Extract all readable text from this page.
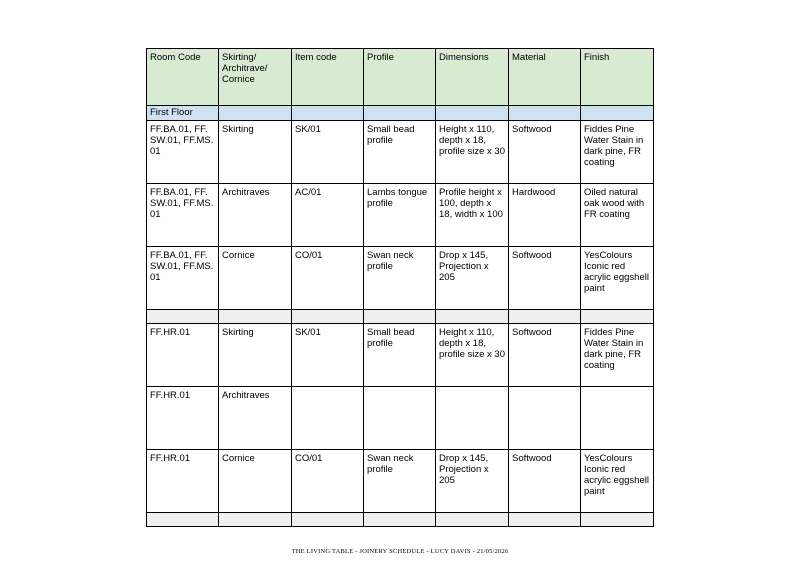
Room Code	Skirting/ Architrave/ Cornice	Item code	Profile	Dimensions	Material	Finish
First Floor						
FF.BA.01, FF. SW.01, FF.MS. 01	Skirting	SK/01	Small bead profile	Height x 110, depth x 18, profile size x 30	Softwood	Fiddes Pine Water Stain in dark pine, FR coating
FF.BA.01, FF. SW.01, FF.MS. 01	Architraves	AC/01	Lambs tongue profile	Profile height x 100, depth x 18, width x 100	Hardwood	Oiled natural oak wood with FR coating
FF.BA.01, FF. SW.01, FF.MS. 01	Cornice	CO/01	Swan neck profile	Drop x 145, Projection x 205	Softwood	YesColours Iconic red acrylic eggshell paint

FF.HR.01	Skirting	SK/01	Small bead profile	Height x 110, depth x 18, profile size x 30	Softwood	Fiddes Pine Water Stain in dark pine, FR coating
FF.HR.01	Architraves					
FF.HR.01	Cornice	CO/01	Swan neck profile	Drop x 145, Projection x 205	Softwood	YesColours Iconic red acrylic eggshell paint

THE LIVING TABLE - JOINERY SCHEDULE - LUCY DAVIS - 21/05/2026
